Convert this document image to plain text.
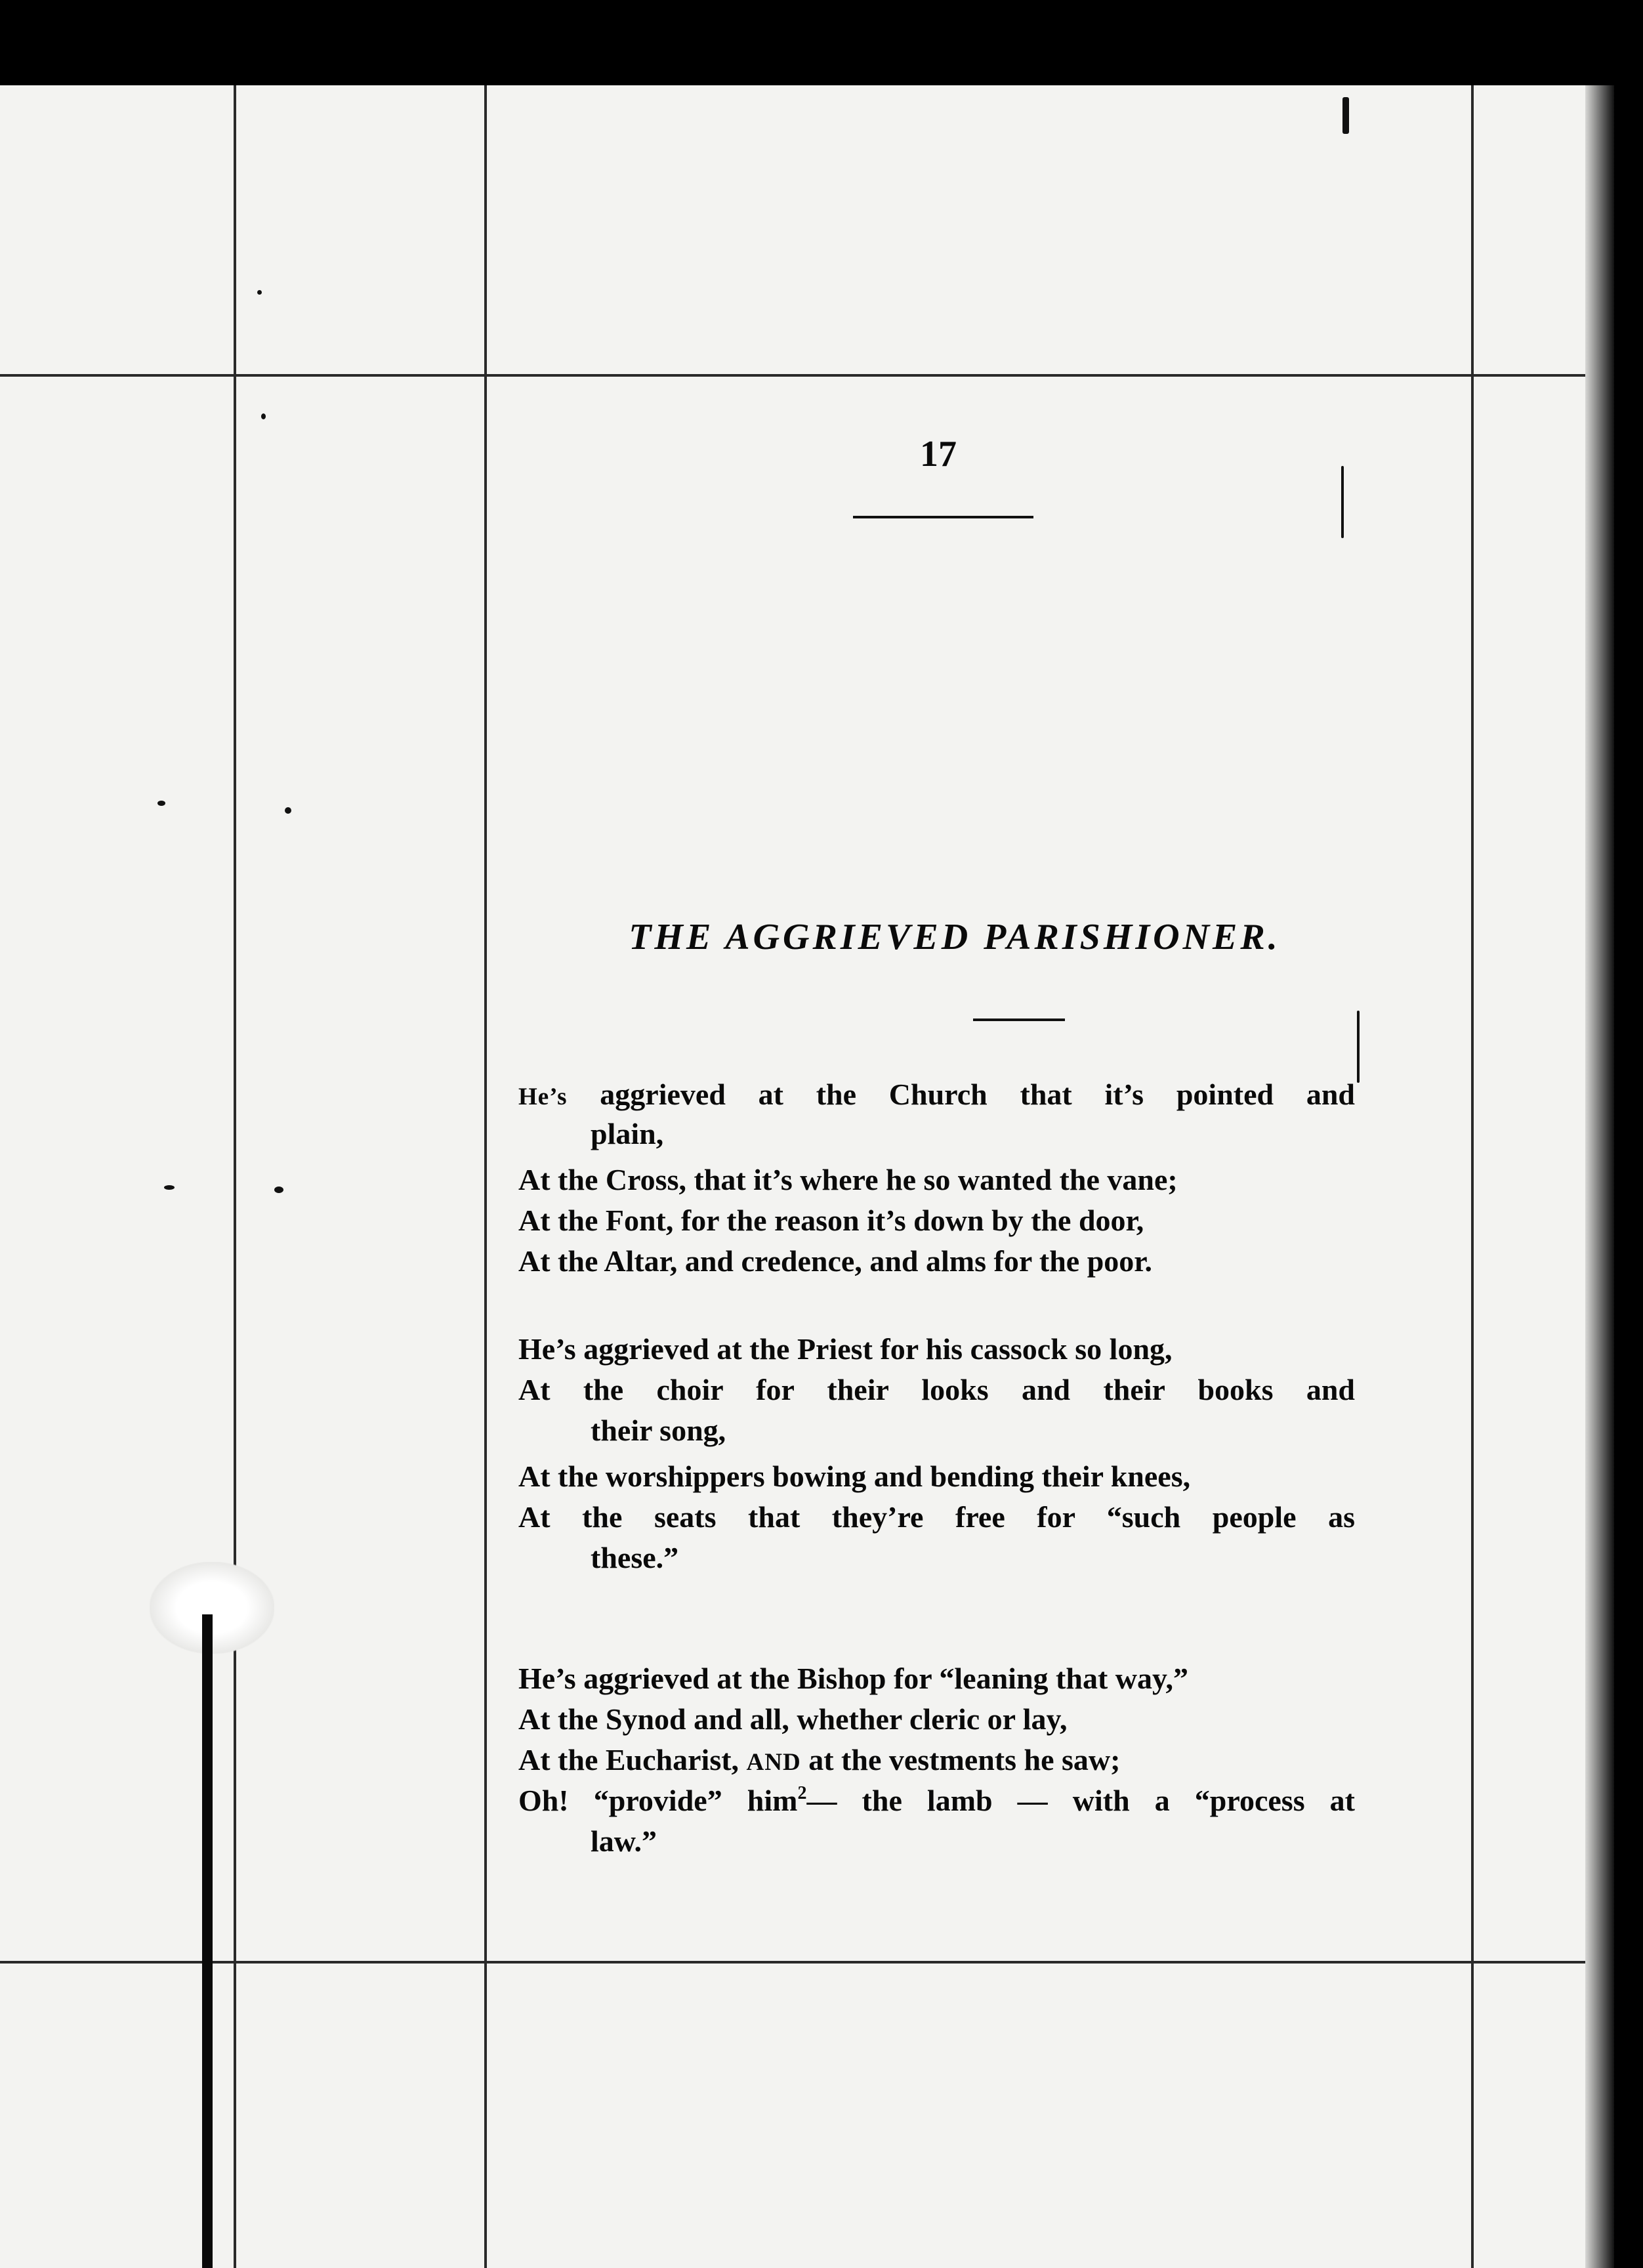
17
THE AGGRIEVED PARISHIONER.
He’s aggrieved at the Church that it’s pointed and
plain,
At the Cross, that it’s where he so wanted the vane;
At the Font, for the reason it’s down by the door,
At the Altar, and credence, and alms for the poor.
He’s aggrieved at the Priest for his cassock so long,
At the choir for their looks and their books and
their song,
At the worshippers bowing and bending their knees,
At the seats that they’re free for “such people as
these.”
He’s aggrieved at the Bishop for “leaning that way,”
At the Synod and all, whether cleric or lay,
At the Eucharist, AND at the vestments he saw;
Oh! “provide” him$^2$— the lamb — with a “process at
law.”
